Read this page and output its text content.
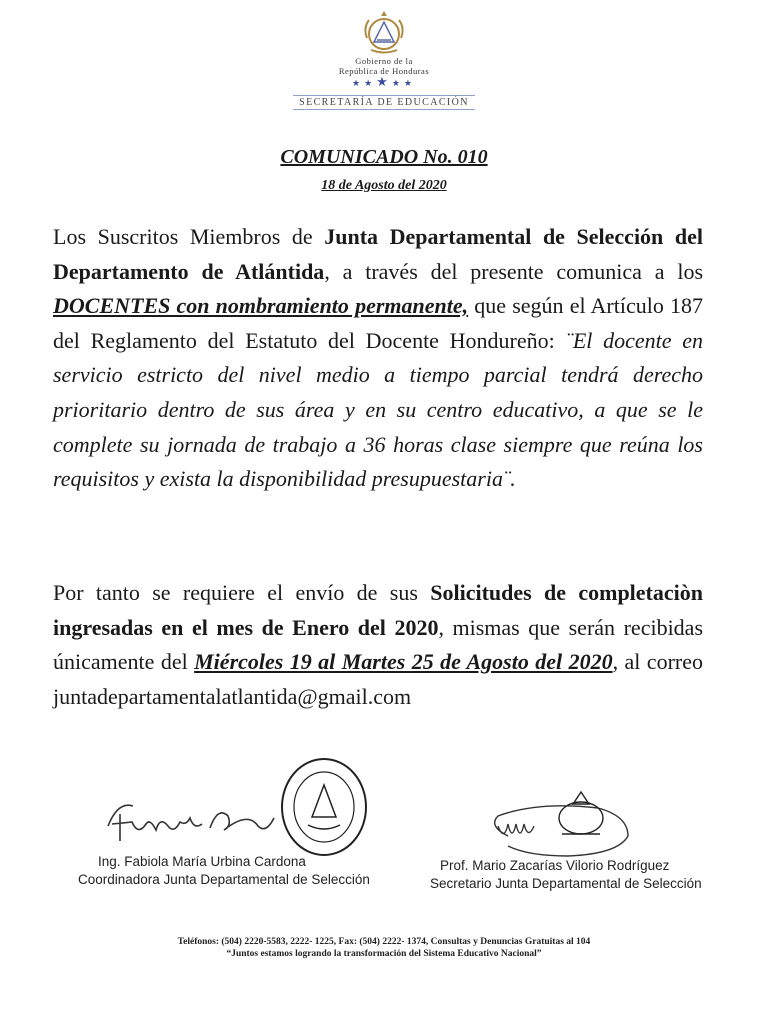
Gobierno de la
República de Honduras
★★★★★
SECRETARÍA DE EDUCACIÓN
COMUNICADO No. 010
18 de Agosto del 2020
Los Suscritos Miembros de Junta Departamental de Selección del Departamento de Atlántida, a través del presente comunica a los DOCENTES con nombramiento permanente, que según el Artículo 187 del Reglamento del Estatuto del Docente Hondureño: ¨El docente en servicio estricto del nivel medio a tiempo parcial tendrá derecho prioritario dentro de sus área y en su centro educativo, a que se le complete su jornada de trabajo a 36 horas clase siempre que reúna los requisitos y exista la disponibilidad presupuestaria¨.
Por tanto se requiere el envío de sus Solicitudes de completaciòn ingresadas en el mes de Enero del 2020, mismas que serán recibidas únicamente del Miércoles 19 al Martes 25 de Agosto del 2020, al correo juntadepartamentalatlantida@gmail.com
Ing. Fabiola María Urbina Cardona
Coordinadora Junta Departamental de Selección
Prof. Mario Zacarías Vilorio Rodríguez
Secretario Junta Departamental de Selección
Teléfonos: (504) 2220-5583, 2222- 1225, Fax: (504) 2222- 1374, Consultas y Denuncias Gratuitas al 104
“Juntos estamos logrando la transformación del Sistema Educativo Nacional”
